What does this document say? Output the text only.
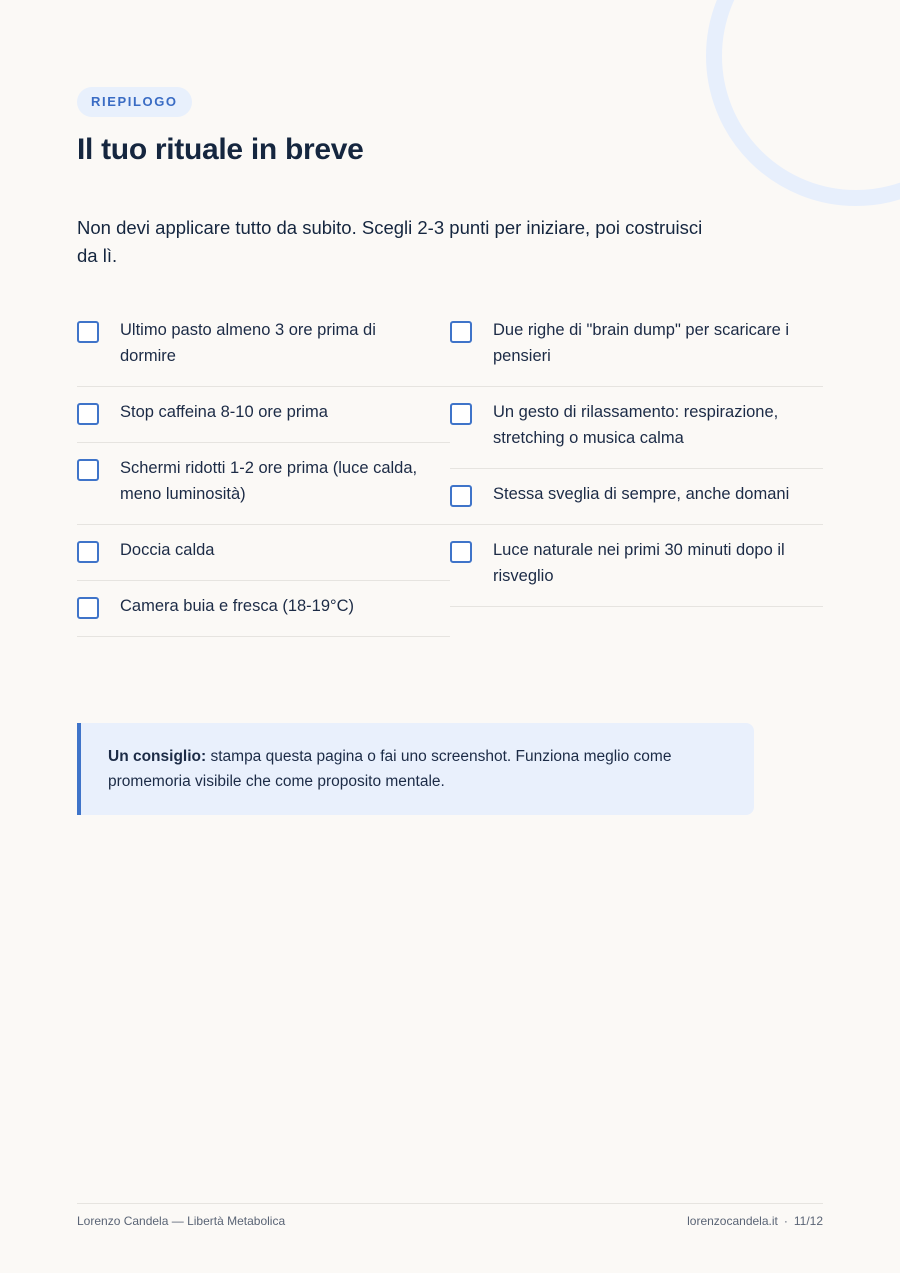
RIEPILOGO
Il tuo rituale in breve

Non devi applicare tutto da subito. Scegli 2-3 punti per iniziare, poi costruisci da lì.

Ultimo pasto almeno 3 ore prima di dormire
Stop caffeina 8-10 ore prima
Schermi ridotti 1-2 ore prima (luce calda, meno luminosità)
Doccia calda
Camera buia e fresca (18-19°C)
Due righe di "brain dump" per scaricare i pensieri
Un gesto di rilassamento: respirazione, stretching o musica calma
Stessa sveglia di sempre, anche domani
Luce naturale nei primi 30 minuti dopo il risveglio
Un consiglio: stampa questa pagina o fai uno screenshot. Funziona meglio come promemoria visibile che come proposito mentale.
Lorenzo Candela — Libertà Metabolica	lorenzocandela.it · 11/12
